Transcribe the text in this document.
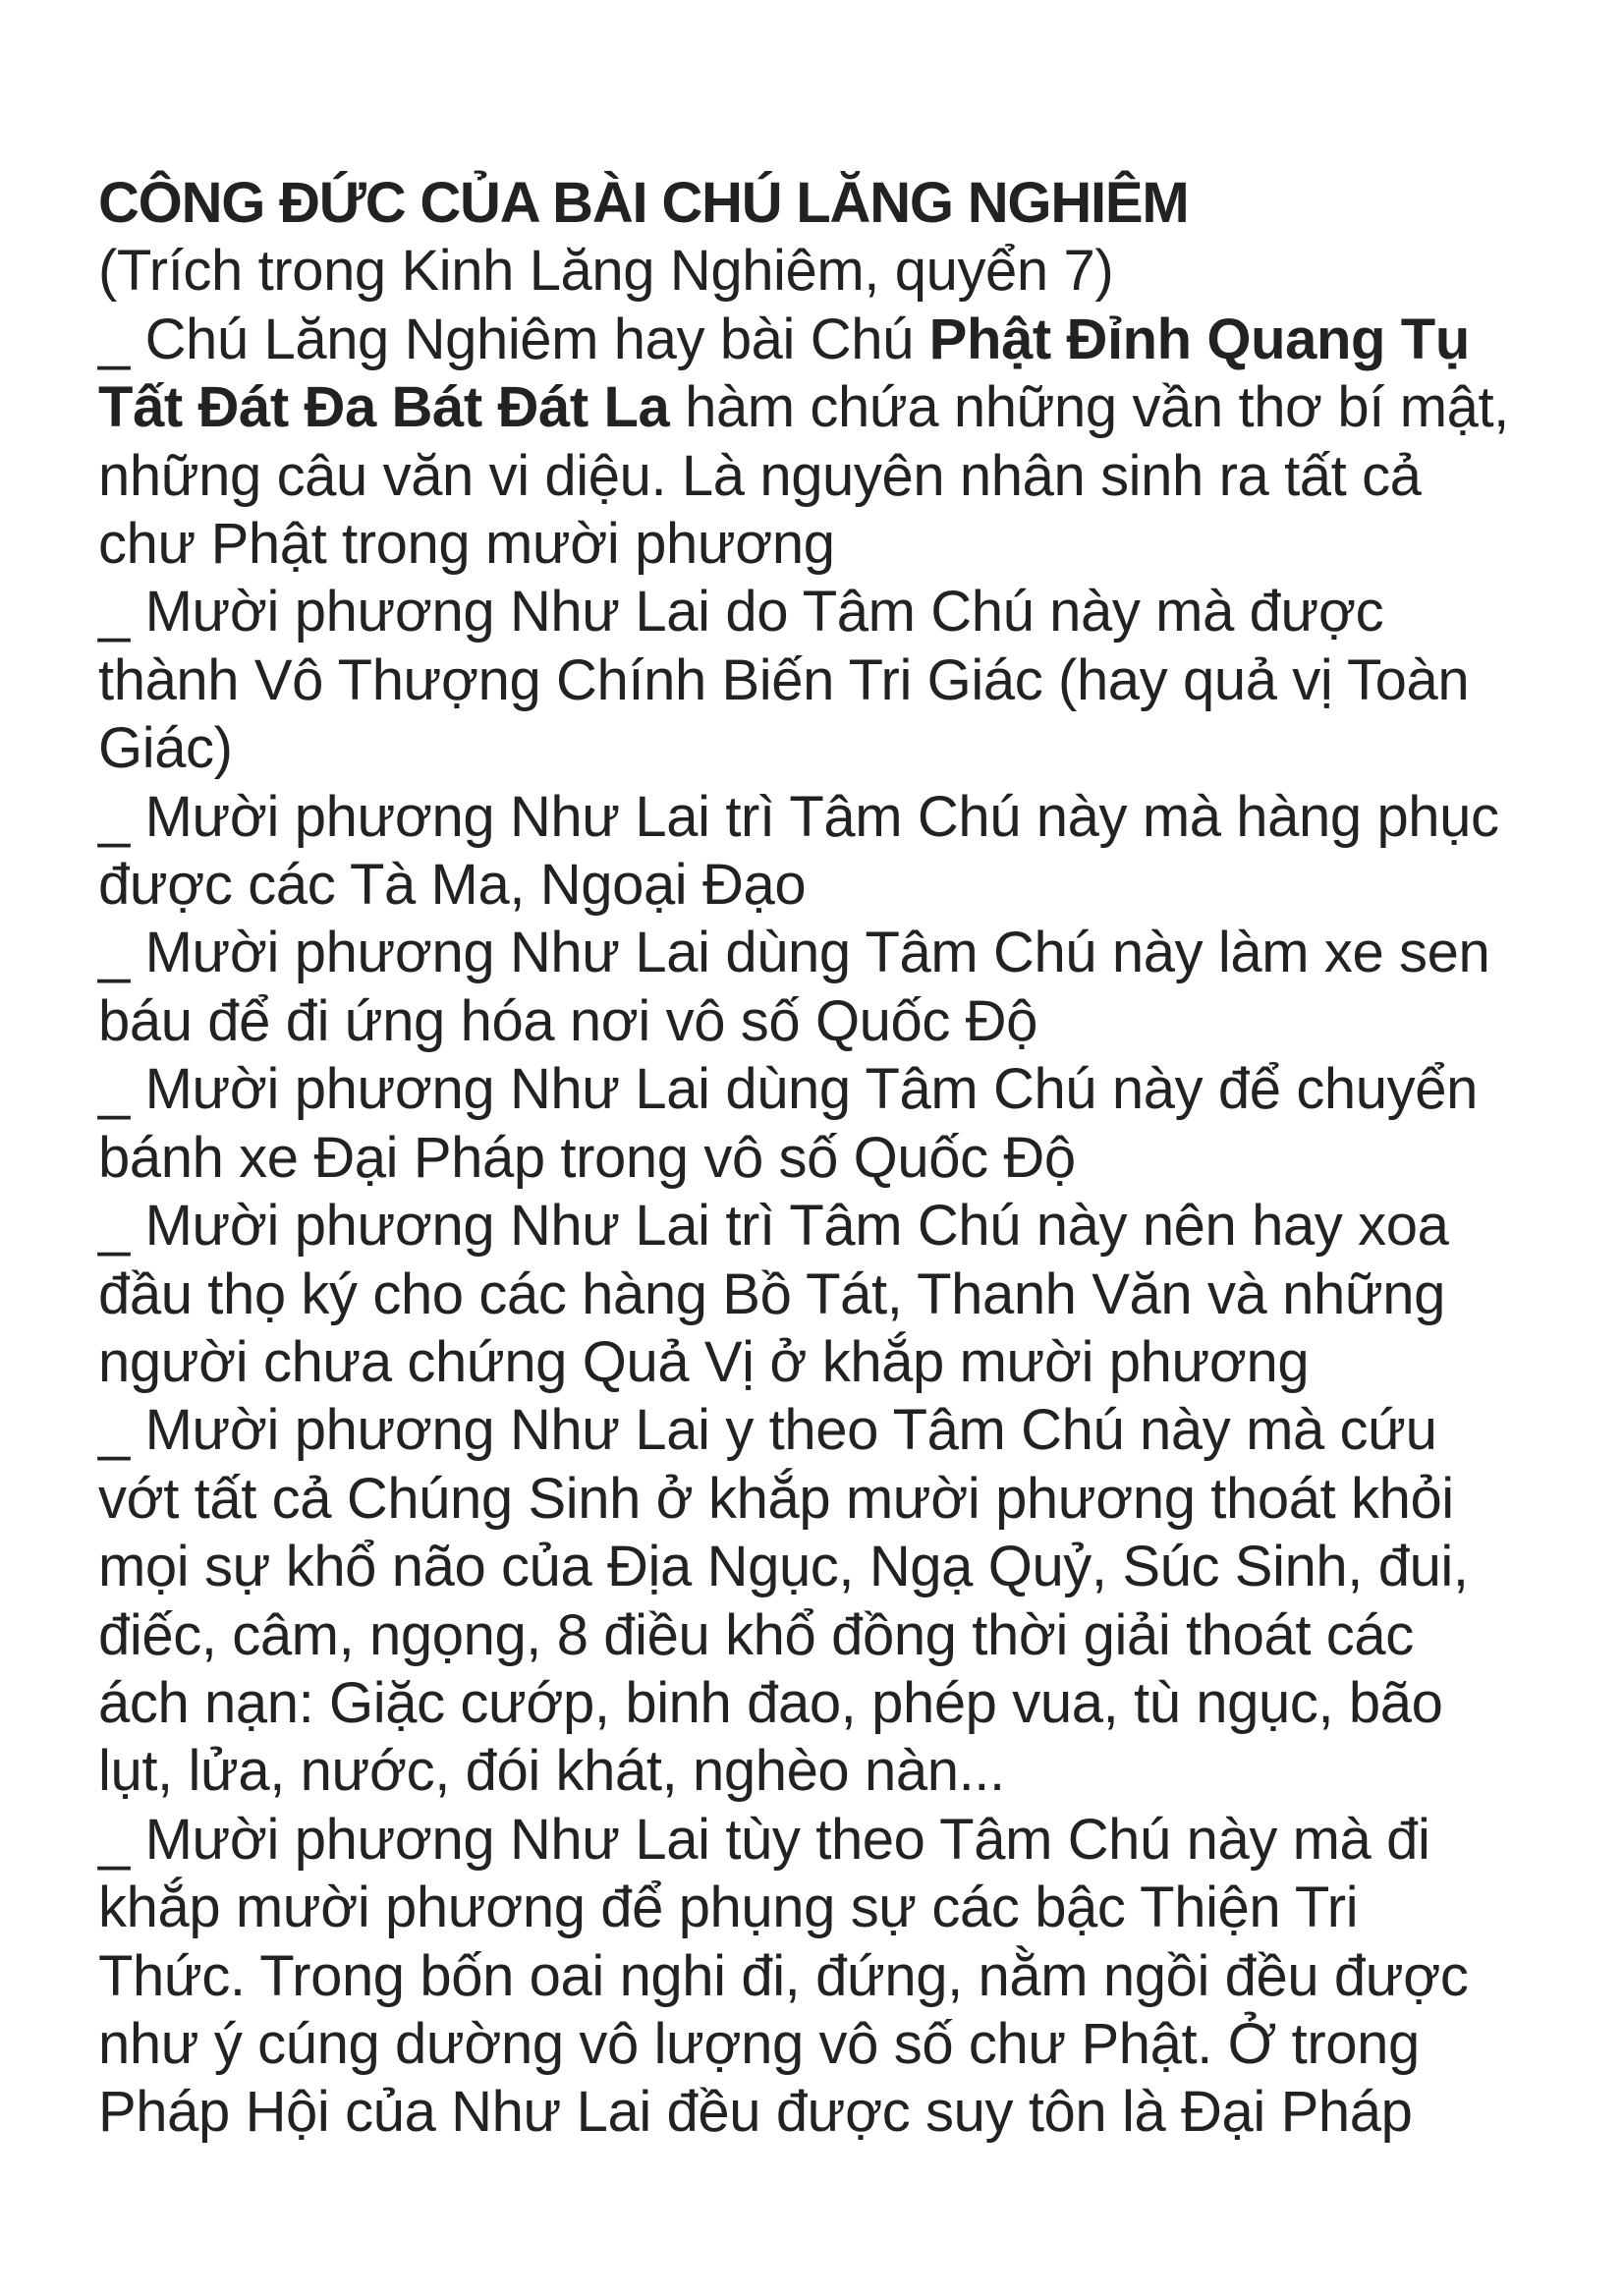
CÔNG ĐỨC CỦA BÀI CHÚ LĂNG NGHIÊM
(Trích trong Kinh Lăng Nghiêm, quyển 7)
_ Chú Lăng Nghiêm hay bài Chú Phật Đỉnh Quang Tụ
Tất Đát Đa Bát Đát La hàm chứa những vần thơ bí mật,
những câu văn vi diệu. Là nguyên nhân sinh ra tất cả
chư Phật trong mười phương
_ Mười phương Như Lai do Tâm Chú này mà được
thành Vô Thượng Chính Biến Tri Giác (hay quả vị Toàn
Giác)
_ Mười phương Như Lai trì Tâm Chú này mà hàng phục
được các Tà Ma, Ngoại Đạo
_ Mười phương Như Lai dùng Tâm Chú này làm xe sen
báu để đi ứng hóa nơi vô số Quốc Độ
_ Mười phương Như Lai dùng Tâm Chú này để chuyển
bánh xe Đại Pháp trong vô số Quốc Độ
_ Mười phương Như Lai trì Tâm Chú này nên hay xoa
đầu thọ ký cho các hàng Bồ Tát, Thanh Văn và những
người chưa chứng Quả Vị ở khắp mười phương
_ Mười phương Như Lai y theo Tâm Chú này mà cứu
vớt tất cả Chúng Sinh ở khắp mười phương thoát khỏi
mọi sự khổ não của Địa Ngục, Ngạ Quỷ, Súc Sinh, đui,
điếc, câm, ngọng, 8 điều khổ đồng thời giải thoát các
ách nạn: Giặc cướp, binh đao, phép vua, tù ngục, bão
lụt, lửa, nước, đói khát, nghèo nàn...
_ Mười phương Như Lai tùy theo Tâm Chú này mà đi
khắp mười phương để phụng sự các bậc Thiện Tri
Thức. Trong bốn oai nghi đi, đứng, nằm ngồi đều được
như ý cúng dường vô lượng vô số chư Phật. Ở trong
Pháp Hội của Như Lai đều được suy tôn là Đại Pháp
